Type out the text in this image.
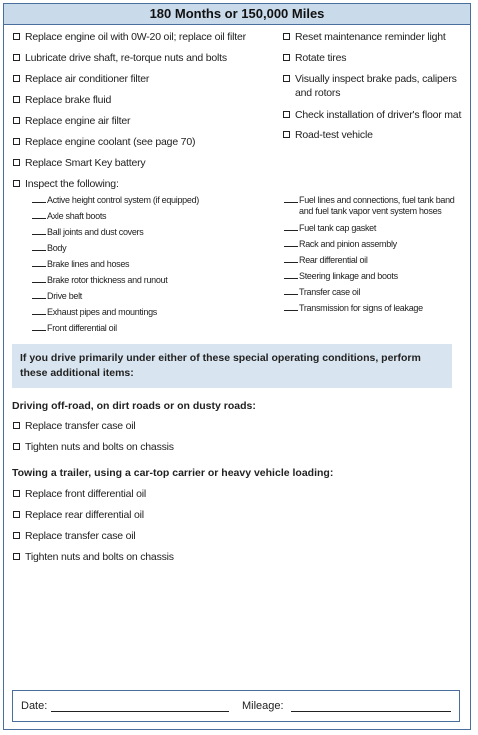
180 Months or 150,000 Miles
Replace engine oil with 0W-20 oil; replace oil filter
Lubricate drive shaft, re-torque nuts and bolts
Replace air conditioner filter
Replace brake fluid
Replace engine air filter
Replace engine coolant (see page 70)
Replace Smart Key battery
Inspect the following:
Reset maintenance reminder light
Rotate tires
Visually inspect brake pads, calipers
and rotors
Check installation of driver's floor mat
Road-test vehicle
Active height control system (if equipped)
Axle shaft boots
Ball joints and dust covers
Body
Brake lines and hoses
Brake rotor thickness and runout
Drive belt
Exhaust pipes and mountings
Front differential oil
Fuel lines and connections, fuel tank band
and fuel tank vapor vent system hoses
Fuel tank cap gasket
Rack and pinion assembly
Rear differential oil
Steering linkage and boots
Transfer case oil
Transmission for signs of leakage
If you drive primarily under either of these special operating conditions, perform these additional items:
Driving off-road, on dirt roads or on dusty roads:
Replace transfer case oil
Tighten nuts and bolts on chassis
Towing a trailer, using a car-top carrier or heavy vehicle loading:
Replace front differential oil
Replace rear differential oil
Replace transfer case oil
Tighten nuts and bolts on chassis
Date:	Mileage:
